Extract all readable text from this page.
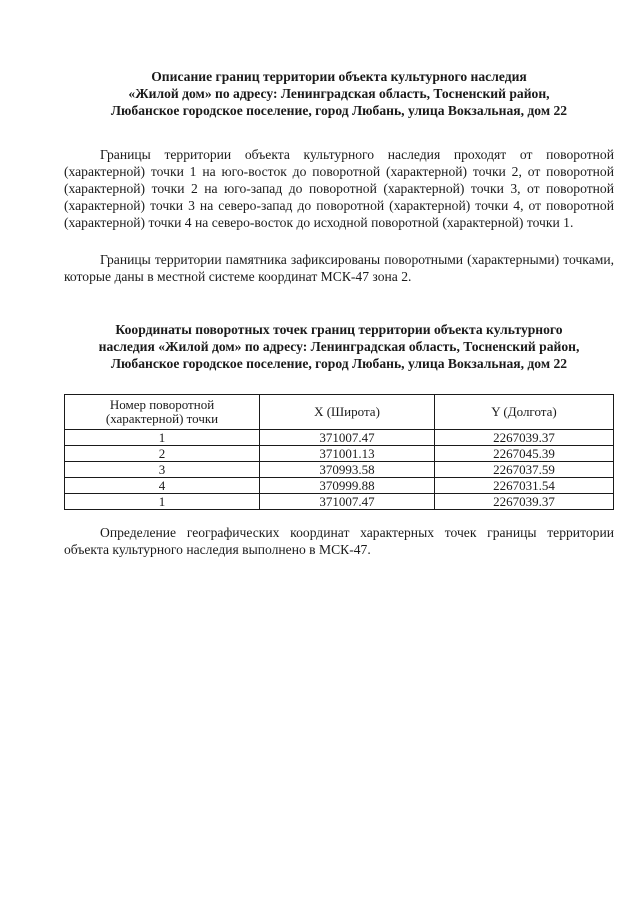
Описание границ территории объекта культурного наследия
«Жилой дом» по адресу: Ленинградская область, Тосненский район,
Любанское городское поселение, город Любань, улица Вокзальная, дом 22

Границы территории объекта культурного наследия проходят от поворотной (характерной) точки 1 на юго-восток до поворотной (характерной) точки 2, от поворотной (характерной) точки 2 на юго-запад до поворотной (характерной) точки 3, от поворотной (характерной) точки 3 на северо-запад до поворотной (характерной) точки 4, от поворотной (характерной) точки 4 на северо-восток до исходной поворотной (характерной) точки 1.

Границы территории памятника зафиксированы поворотными (характерными) точками, которые даны в местной системе координат МСК-47 зона 2.

Координаты поворотных точек границ территории объекта культурного
наследия «Жилой дом» по адресу: Ленинградская область, Тосненский район,
Любанское городское поселение, город Любань, улица Вокзальная, дом 22
Номер поворотной
(характерной) точки	X (Широта)	Y (Долгота)
1	371007.47	2267039.37
2	371001.13	2267045.39
3	370993.58	2267037.59
4	370999.88	2267031.54
1	371007.47	2267039.37

Определение географических координат характерных точек границы территории объекта культурного наследия выполнено в МСК-47.
